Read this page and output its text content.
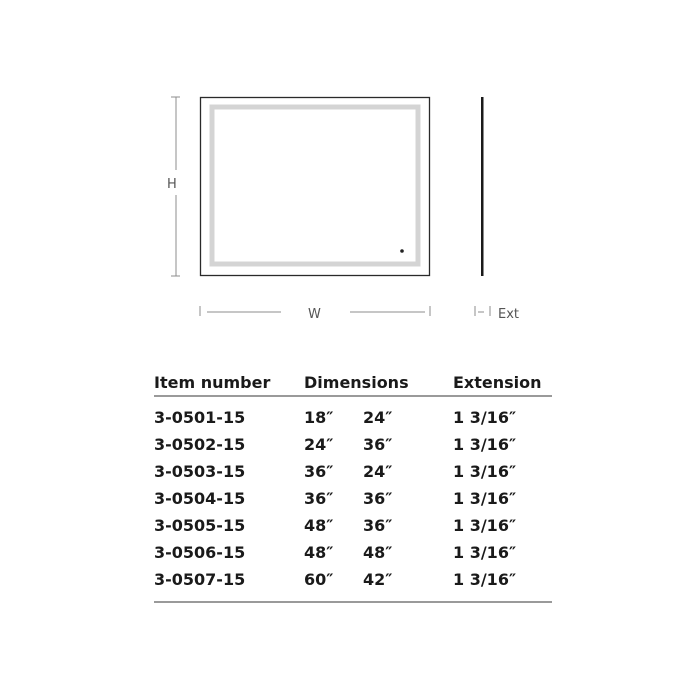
H
W	Ext
Item number	Dimensions	Extension
3-0501-15	18″	24″	1 3/16″
3-0502-15	24″	36″	1 3/16″
3-0503-15	36″	24″	1 3/16″
3-0504-15	36″	36″	1 3/16″
3-0505-15	48″	36″	1 3/16″
3-0506-15	48″	48″	1 3/16″
3-0507-15	60″	42″	1 3/16″
